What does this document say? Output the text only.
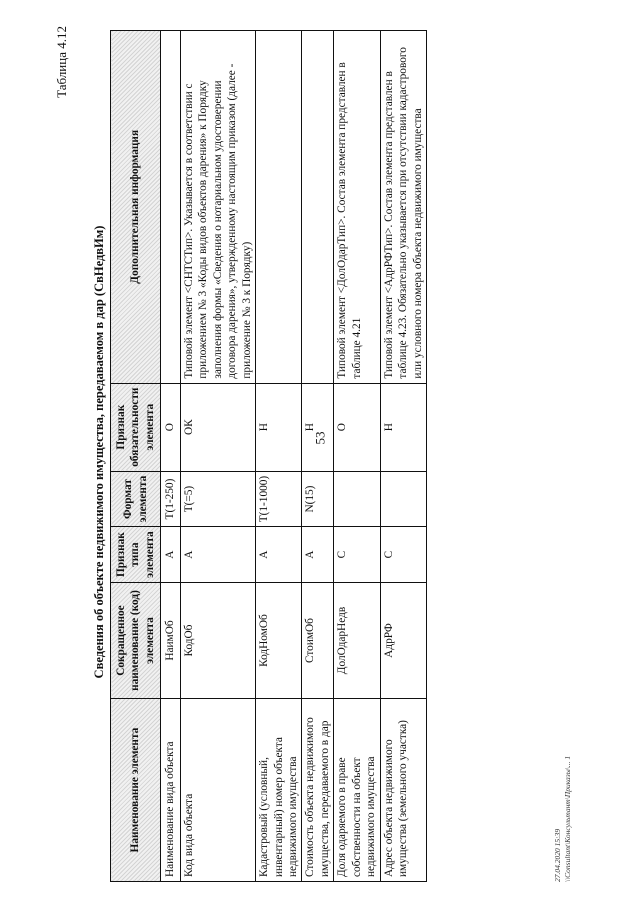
53
Таблица 4.12
Сведения об объекте недвижимого имущества, передаваемом в дар (СвНедвИм)
Наименование элемента	Сокращенное наименование (код) элемента	Признак типа элемента	Формат элемента	Признак обязательности элемента	Дополнительная информация
Наименование вида объекта	НаимОб	А	T(1-250)	О	
Код вида объекта	КодОб	А	T(=5)	ОК	Типовой элемент <СНТСТип>. Указывается в соответствии с приложением № 3 «Коды видов объектов дарения» к Порядку заполнения формы «Сведения о нотариальном удостоверении договора дарения», утвержденному настоящим приказом (далее - приложение № 3 к Порядку)
Кадастровый (условный, инвентарный) номер объекта недвижимого имущества	КодНомОб	А	T(1-1000)	Н	
Стоимость объекта недвижимого имущества, передаваемого в дар	СтоимОб	А	N(15)	Н	
Доля одаряемого в праве собственности на объект недвижимого имущества	ДолОдарНедв	С		О	Типовой элемент <ДолОдарТип>. Состав элемента представлен в таблице 4.21
Адрес объекта недвижимого имущества (земельного участка)	АдрРФ	С		Н	Типовой элемент <АдрРФТип>. Состав элемента представлен в таблице 4.23. Обязательно указывается при отсутствии кадастрового или условного номера объекта недвижимого имущества
27.04.2020 15:39 \\Consultant\Консультант\Приказы\... 1
